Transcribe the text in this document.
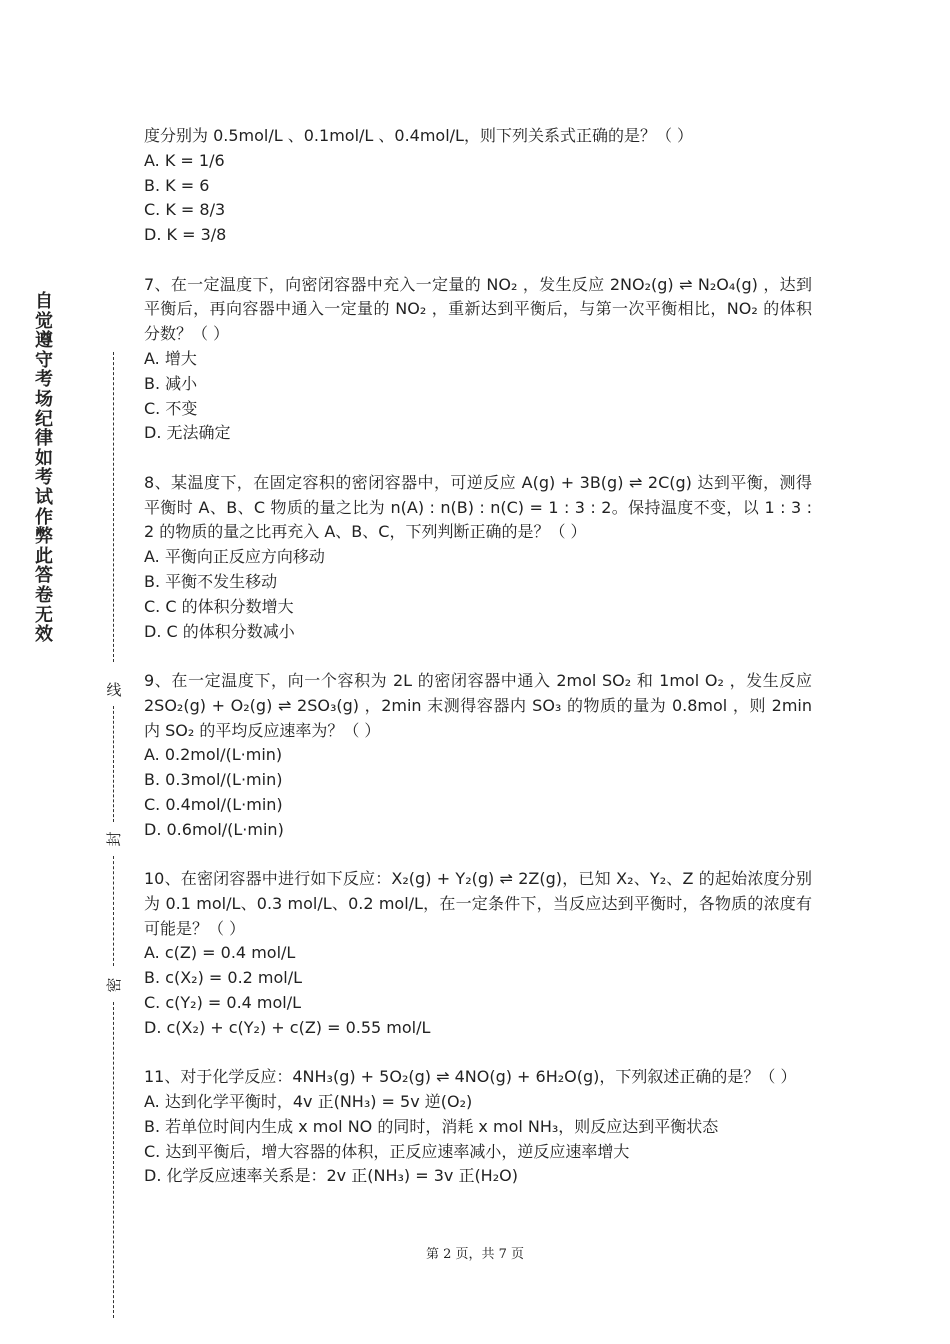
自觉遵守考场纪律如考试作弊此答卷无效
线
封
密

度分别为 0.5mol/L 、0.1mol/L 、0.4mol/L，则下列关系式正确的是？（ ）

A. K = 1/6

B. K = 6

C. K = 8/3

D. K = 3/8

7、在一定温度下，向密闭容器中充入一定量的 NO₂ ，发生反应 2NO₂(g) ⇌ N₂O₄(g) ，达到平衡后，再向容器中通入一定量的 NO₂ ，重新达到平衡后，与第一次平衡相比，NO₂ 的体积分数？（ ）

A. 增大

B. 减小

C. 不变

D. 无法确定

8、某温度下，在固定容积的密闭容器中，可逆反应 A(g) + 3B(g) ⇌ 2C(g) 达到平衡，测得平衡时 A、B、C 物质的量之比为 n(A) : n(B) : n(C) = 1 : 3 : 2。保持温度不变，以 1 : 3 : 2 的物质的量之比再充入 A、B、C，下列判断正确的是？（ ）

A. 平衡向正反应方向移动

B. 平衡不发生移动

C. C 的体积分数增大

D. C 的体积分数减小

9、在一定温度下，向一个容积为 2L 的密闭容器中通入 2mol SO₂ 和 1mol O₂ ，发生反应 2SO₂(g) + O₂(g) ⇌ 2SO₃(g) ，2min 末测得容器内 SO₃ 的物质的量为 0.8mol ，则 2min 内 SO₂ 的平均反应速率为？（ ）

A. 0.2mol/(L·min)

B. 0.3mol/(L·min)

C. 0.4mol/(L·min)

D. 0.6mol/(L·min)

10、在密闭容器中进行如下反应：X₂(g) + Y₂(g) ⇌ 2Z(g)，已知 X₂、Y₂、Z 的起始浓度分别为 0.1 mol/L、0.3 mol/L、0.2 mol/L，在一定条件下，当反应达到平衡时，各物质的浓度有可能是？（ ）

A. c(Z) = 0.4 mol/L

B. c(X₂) = 0.2 mol/L

C. c(Y₂) = 0.4 mol/L

D. c(X₂) + c(Y₂) + c(Z) = 0.55 mol/L

11、对于化学反应：4NH₃(g) + 5O₂(g) ⇌ 4NO(g) + 6H₂O(g)，下列叙述正确的是？（ ）

A. 达到化学平衡时，4v 正(NH₃) = 5v 逆(O₂)

B. 若单位时间内生成 x mol NO 的同时，消耗 x mol NH₃，则反应达到平衡状态

C. 达到平衡后，增大容器的体积，正反应速率减小，逆反应速率增大

D. 化学反应速率关系是：2v 正(NH₃) = 3v 正(H₂O)

第 2 页，共 7 页
